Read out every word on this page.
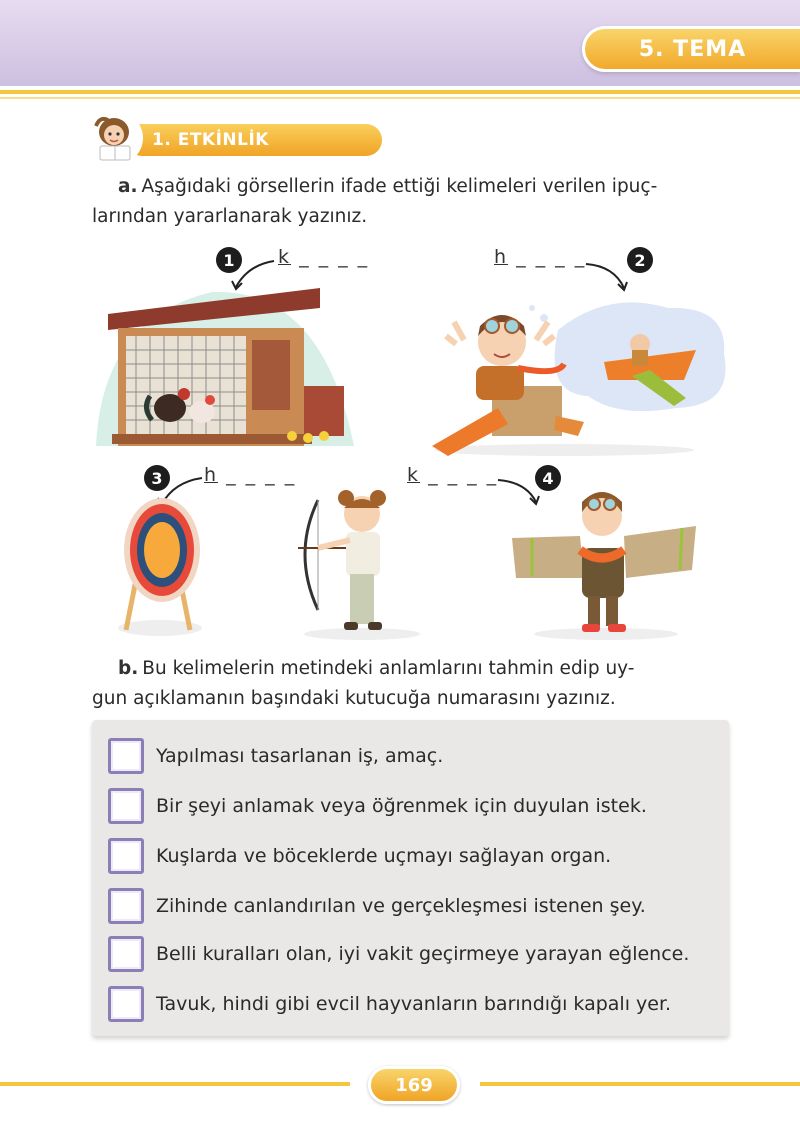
5. TEMA
1. ETKİNLİK
a. Aşağıdaki görsellerin ifade ettiği kelimeleri verilen ipuç-
larından yararlanarak yazınız.
1	k _ _ _ _	h _ _ _ _	2
3	h _ _ _ _	k _ _ _ _	4
b. Bu kelimelerin metindeki anlamlarını tahmin edip uy-
gun açıklamanın başındaki kutucuğa numarasını yazınız.
Yapılması tasarlanan iş, amaç.
Bir şeyi anlamak veya öğrenmek için duyulan istek.
Kuşlarda ve böceklerde uçmayı sağlayan organ.
Zihinde canlandırılan ve gerçekleşmesi istenen şey.
Belli kuralları olan, iyi vakit geçirmeye yarayan eğlence.
Tavuk, hindi gibi evcil hayvanların barındığı kapalı yer.
169
